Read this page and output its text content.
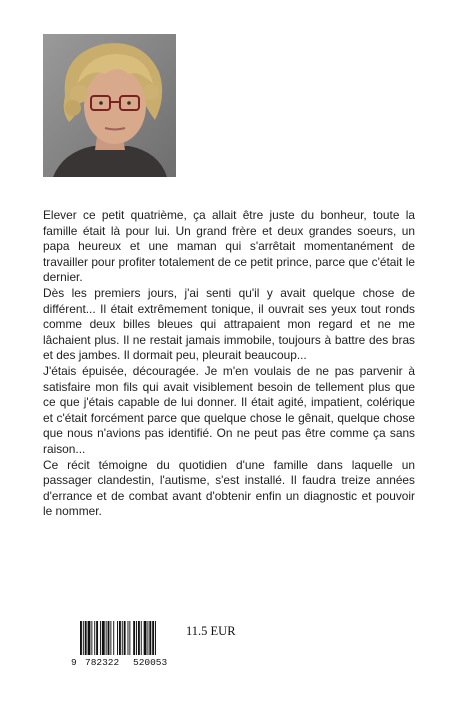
Elever ce petit quatrième, ça allait être juste du bonheur, toute la famille était là pour lui. Un grand frère et deux grandes soeurs, un papa heureux et une maman qui s'arrêtait momentanément de travailler pour profiter totalement de ce petit prince, parce que c'était le dernier.

Dès les premiers jours, j'ai senti qu'il y avait quelque chose de différent... Il était extrêmement tonique, il ouvrait ses yeux tout ronds comme deux billes bleues qui attrapaient mon regard et ne me lâchaient plus. Il ne restait jamais immobile, toujours à battre des bras et des jambes. Il dormait peu, pleurait beaucoup...

J'étais épuisée, découragée. Je m'en voulais de ne pas parvenir à satisfaire mon fils qui avait visiblement besoin de tellement plus que ce que j'étais capable de lui donner. Il était agité, impatient, colérique et c'était forcément parce que quelque chose le gênait, quelque chose que nous n'avions pas identifié. On ne peut pas être comme ça sans raison...

Ce récit témoigne du quotidien d'une famille dans laquelle un passager clandestin, l'autisme, s'est installé. Il faudra treize années d'errance et de combat avant d'obtenir enfin un diagnostic et pouvoir le nommer.

9 782322 520053
11.5 EUR
